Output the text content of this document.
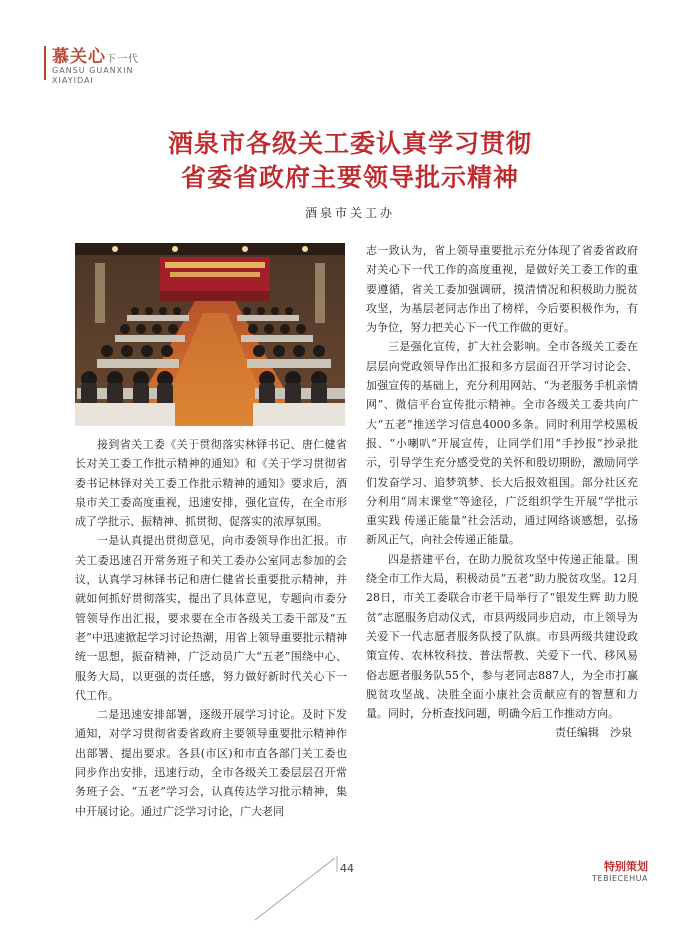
慕关心下一代
GANSU GUANXIN
XIAYIDAI
酒泉市各级关工委认真学习贯彻
省委省政府主要领导批示精神
酒泉市关工办

接到省关工委《关于贯彻落实林铎书记、唐仁健省长对关工委工作批示精神的通知》和《关于学习贯彻省委书记林铎对关工委工作批示精神的通知》要求后，酒泉市关工委高度重视，迅速安排，强化宣传，在全市形成了学批示、振精神、抓贯彻、促落实的浓厚氛围。

一是认真提出贯彻意见，向市委领导作出汇报。市关工委迅速召开常务班子和关工委办公室同志参加的会议，认真学习林铎书记和唐仁健省长重要批示精神，并就如何抓好贯彻落实，提出了具体意见，专题向市委分管领导作出汇报，要求要在全市各级关工委干部及“五老”中迅速掀起学习讨论热潮，用省上领导重要批示精神统一思想，振奋精神，广泛动员广大“五老”围绕中心、服务大局，以更强的责任感，努力做好新时代关心下一代工作。

二是迅速安排部署，逐级开展学习讨论。及时下发通知，对学习贯彻省委省政府主要领导重要批示精神作出部署、提出要求。各县(市区)和市直各部门关工委也同步作出安排，迅速行动，全市各级关工委层层召开常务班子会、“五老”学习会，认真传达学习批示精神，集中开展讨论。通过广泛学习讨论，广大老同

志一致认为，省上领导重要批示充分体现了省委省政府对关心下一代工作的高度重视，是做好关工委工作的重要遵循，省关工委加强调研，摸清情况和积极助力脱贫攻坚，为基层老同志作出了榜样，今后要积极作为，有为争位，努力把关心下一代工作做的更好。

三是强化宣传，扩大社会影响。全市各级关工委在层层向党政领导作出汇报和多方层面召开学习讨论会、加强宣传的基础上，充分利用网站、“为老服务手机亲情网”、微信平台宣传批示精神。全市各级关工委共向广大“五老”推送学习信息4000多条。同时利用学校黑板报、“小喇叭”开展宣传，让同学们用“手抄报”抄录批示，引导学生充分感受党的关怀和殷切期盼，激励同学们发奋学习、追梦筑梦、长大后报效祖国。部分社区充分利用“周末课堂”等途径，广泛组织学生开展“学批示 重实践 传递正能量”社会活动，通过网络谈感想，弘扬新风正气，向社会传递正能量。

四是搭建平台，在助力脱贫攻坚中传递正能量。围绕全市工作大局，积极动员“五老”助力脱贫攻坚。12月28日，市关工委联合市老干局举行了“银发生辉 助力脱贫”志愿服务启动仪式，市县两级同步启动，市上领导为关爱下一代志愿者服务队授了队旗。市县两级共建设政策宣传、农林牧科技、普法帮教、关爱下一代、移风易俗志愿者服务队55个，参与老同志887人，为全市打赢脱贫攻坚战、决胜全面小康社会贡献应有的智慧和力量。同时，分析查找问题，明确今后工作推动方向。

责任编辑　沙泉

44	特别策划
TEBIECEHUA
